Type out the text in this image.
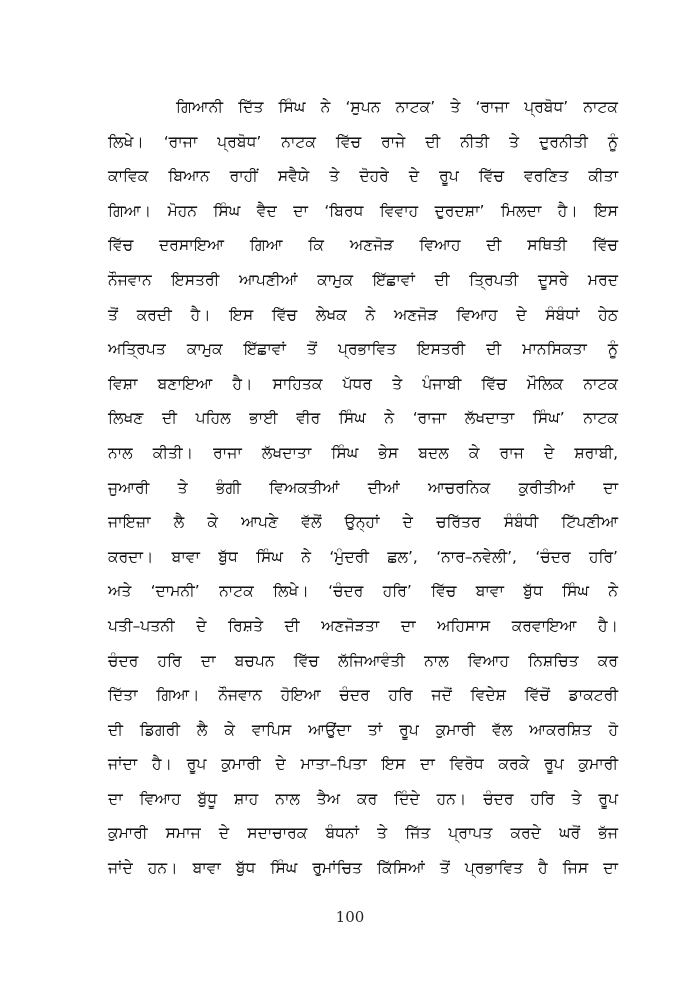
ਗਿਆਨੀ ਦਿੱਤ ਸਿੰਘ ਨੇ ‘ਸੁਪਨ ਨਾਟਕ’ ਤੇ ‘ਰਾਜਾ ਪ੍ਰਬੋਧ’ ਨਾਟਕ
ਲਿਖੇ। ‘ਰਾਜਾ ਪ੍ਰਬੋਧ’ ਨਾਟਕ ਵਿੱਚ ਰਾਜੇ ਦੀ ਨੀਤੀ ਤੇ ਦੁਰਨੀਤੀ ਨੂੰ
ਕਾਵਿਕ ਬਿਆਨ ਰਾਹੀਂ ਸਵੈਯੇ ਤੇ ਦੋਹਰੇ ਦੇ ਰੂਪ ਵਿੱਚ ਵਰਣਿਤ ਕੀਤਾ
ਗਿਆ। ਮੋਹਨ ਸਿੰਘ ਵੈਦ ਦਾ ‘ਬਿਰਧ ਵਿਵਾਹ ਦੁਰਦਸ਼ਾ’ ਮਿਲਦਾ ਹੈ। ਇਸ
ਵਿੱਚ ਦਰਸਾਇਆ ਗਿਆ ਕਿ ਅਣਜੋੜ ਵਿਆਹ ਦੀ ਸਥਿਤੀ ਵਿੱਚ
ਨੌਜਵਾਨ ਇਸਤਰੀ ਆਪਣੀਆਂ ਕਾਮੁਕ ਇੱਛਾਵਾਂ ਦੀ ਤ੍ਰਿਪਤੀ ਦੂਸਰੇ ਮਰਦ
ਤੋਂ ਕਰਦੀ ਹੈ। ਇਸ ਵਿੱਚ ਲੇਖਕ ਨੇ ਅਣਜੋੜ ਵਿਆਹ ਦੇ ਸੰਬੰਧਾਂ ਹੇਠ
ਅਤ੍ਰਿਪਤ ਕਾਮੁਕ ਇੱਛਾਵਾਂ ਤੋਂ ਪ੍ਰਭਾਵਿਤ ਇਸਤਰੀ ਦੀ ਮਾਨਸਿਕਤਾ ਨੂੰ
ਵਿਸ਼ਾ ਬਣਾਇਆ ਹੈ। ਸਾਹਿਤਕ ਪੱਧਰ ਤੇ ਪੰਜਾਬੀ ਵਿੱਚ ਮੌਲਿਕ ਨਾਟਕ
ਲਿਖਣ ਦੀ ਪਹਿਲ ਭਾਈ ਵੀਰ ਸਿੰਘ ਨੇ ‘ਰਾਜਾ ਲੱਖਦਾਤਾ ਸਿੰਘ’ ਨਾਟਕ
ਨਾਲ ਕੀਤੀ। ਰਾਜਾ ਲੱਖਦਾਤਾ ਸਿੰਘ ਭੇਸ ਬਦਲ ਕੇ ਰਾਜ ਦੇ ਸ਼ਰਾਬੀ,
ਜੁਆਰੀ ਤੇ ਭੰਗੀ ਵਿਅਕਤੀਆਂ ਦੀਆਂ ਆਚਰਨਿਕ ਕੁਰੀਤੀਆਂ ਦਾ
ਜਾਇਜ਼ਾ ਲੈ ਕੇ ਆਪਣੇ ਵੱਲੋਂ ਉਨ੍ਹਾਂ ਦੇ ਚਰਿੱਤਰ ਸੰਬੰਧੀ ਟਿੱਪਣੀਆ
ਕਰਦਾ। ਬਾਵਾ ਬੁੱਧ ਸਿੰਘ ਨੇ ‘ਮੁੰਦਰੀ ਛਲ’, ‘ਨਾਰ–ਨਵੇਲੀ’, ‘ਚੰਦਰ ਹਰਿ’
ਅਤੇ ‘ਦਾਮਨੀ’ ਨਾਟਕ ਲਿਖੇ। ‘ਚੰਦਰ ਹਰਿ’ ਵਿੱਚ ਬਾਵਾ ਬੁੱਧ ਸਿੰਘ ਨੇ
ਪਤੀ–ਪਤਨੀ ਦੇ ਰਿਸ਼ਤੇ ਦੀ ਅਣਜੋੜਤਾ ਦਾ ਅਹਿਸਾਸ ਕਰਵਾਇਆ ਹੈ।
ਚੰਦਰ ਹਰਿ ਦਾ ਬਚਪਨ ਵਿੱਚ ਲੱਜਿਆਵੰਤੀ ਨਾਲ ਵਿਆਹ ਨਿਸ਼ਚਿਤ ਕਰ
ਦਿੱਤਾ ਗਿਆ। ਨੌਜਵਾਨ ਹੋਇਆ ਚੰਦਰ ਹਰਿ ਜਦੋਂ ਵਿਦੇਸ਼ ਵਿੱਚੋਂ ਡਾਕਟਰੀ
ਦੀ ਡਿਗਰੀ ਲੈ ਕੇ ਵਾਪਿਸ ਆਉਂਦਾ ਤਾਂ ਰੂਪ ਕੁਮਾਰੀ ਵੱਲ ਆਕਰਸ਼ਿਤ ਹੋ
ਜਾਂਦਾ ਹੈ। ਰੂਪ ਕੁਮਾਰੀ ਦੇ ਮਾਤਾ–ਪਿਤਾ ਇਸ ਦਾ ਵਿਰੋਧ ਕਰਕੇ ਰੂਪ ਕੁਮਾਰੀ
ਦਾ ਵਿਆਹ ਬੁੱਧੂ ਸ਼ਾਹ ਨਾਲ ਤੈਅ ਕਰ ਦਿੰਦੇ ਹਨ। ਚੰਦਰ ਹਰਿ ਤੇ ਰੂਪ
ਕੁਮਾਰੀ ਸਮਾਜ ਦੇ ਸਦਾਚਾਰਕ ਬੰਧਨਾਂ ਤੇ ਜਿੱਤ ਪ੍ਰਾਪਤ ਕਰਦੇ ਘਰੋਂ ਭੱਜ
ਜਾਂਦੇ ਹਨ। ਬਾਵਾ ਬੁੱਧ ਸਿੰਘ ਰੁਮਾਂਚਿਤ ਕਿੱਸਿਆਂ ਤੋਂ ਪ੍ਰਭਾਵਿਤ ਹੈ ਜਿਸ ਦਾ
100
